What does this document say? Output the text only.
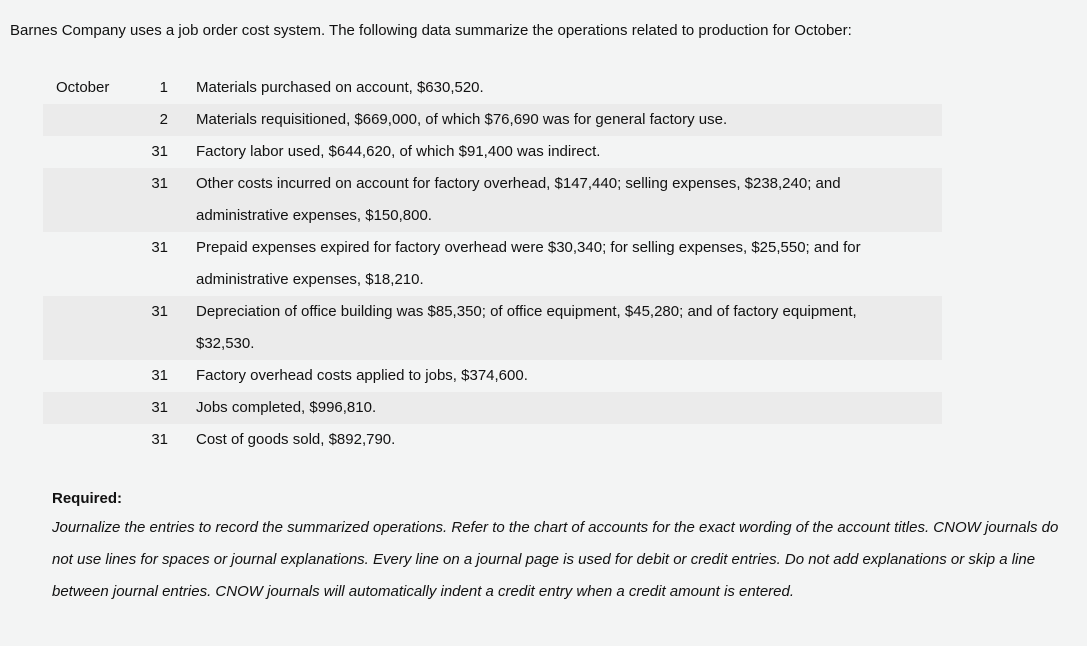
Barnes Company uses a job order cost system. The following data summarize the operations related to production for October:
October	1 Materials purchased on account, $630,520.
2 Materials requisitioned, $669,000, of which $76,690 was for general factory use.
31 Factory labor used, $644,620, of which $91,400 was indirect.
31 Other costs incurred on account for factory overhead, $147,440; selling expenses, $238,240; and administrative expenses, $150,800.
31 Prepaid expenses expired for factory overhead were $30,340; for selling expenses, $25,550; and for administrative expenses, $18,210.
31 Depreciation of office building was $85,350; of office equipment, $45,280; and of factory equipment, $32,530.
31 Factory overhead costs applied to jobs, $374,600.
31 Jobs completed, $996,810.
31 Cost of goods sold, $892,790.
Required:
Journalize the entries to record the summarized operations. Refer to the chart of accounts for the exact wording of the account titles. CNOW journals do not use lines for spaces or journal explanations. Every line on a journal page is used for debit or credit entries. Do not add explanations or skip a line between journal entries. CNOW journals will automatically indent a credit entry when a credit amount is entered.
